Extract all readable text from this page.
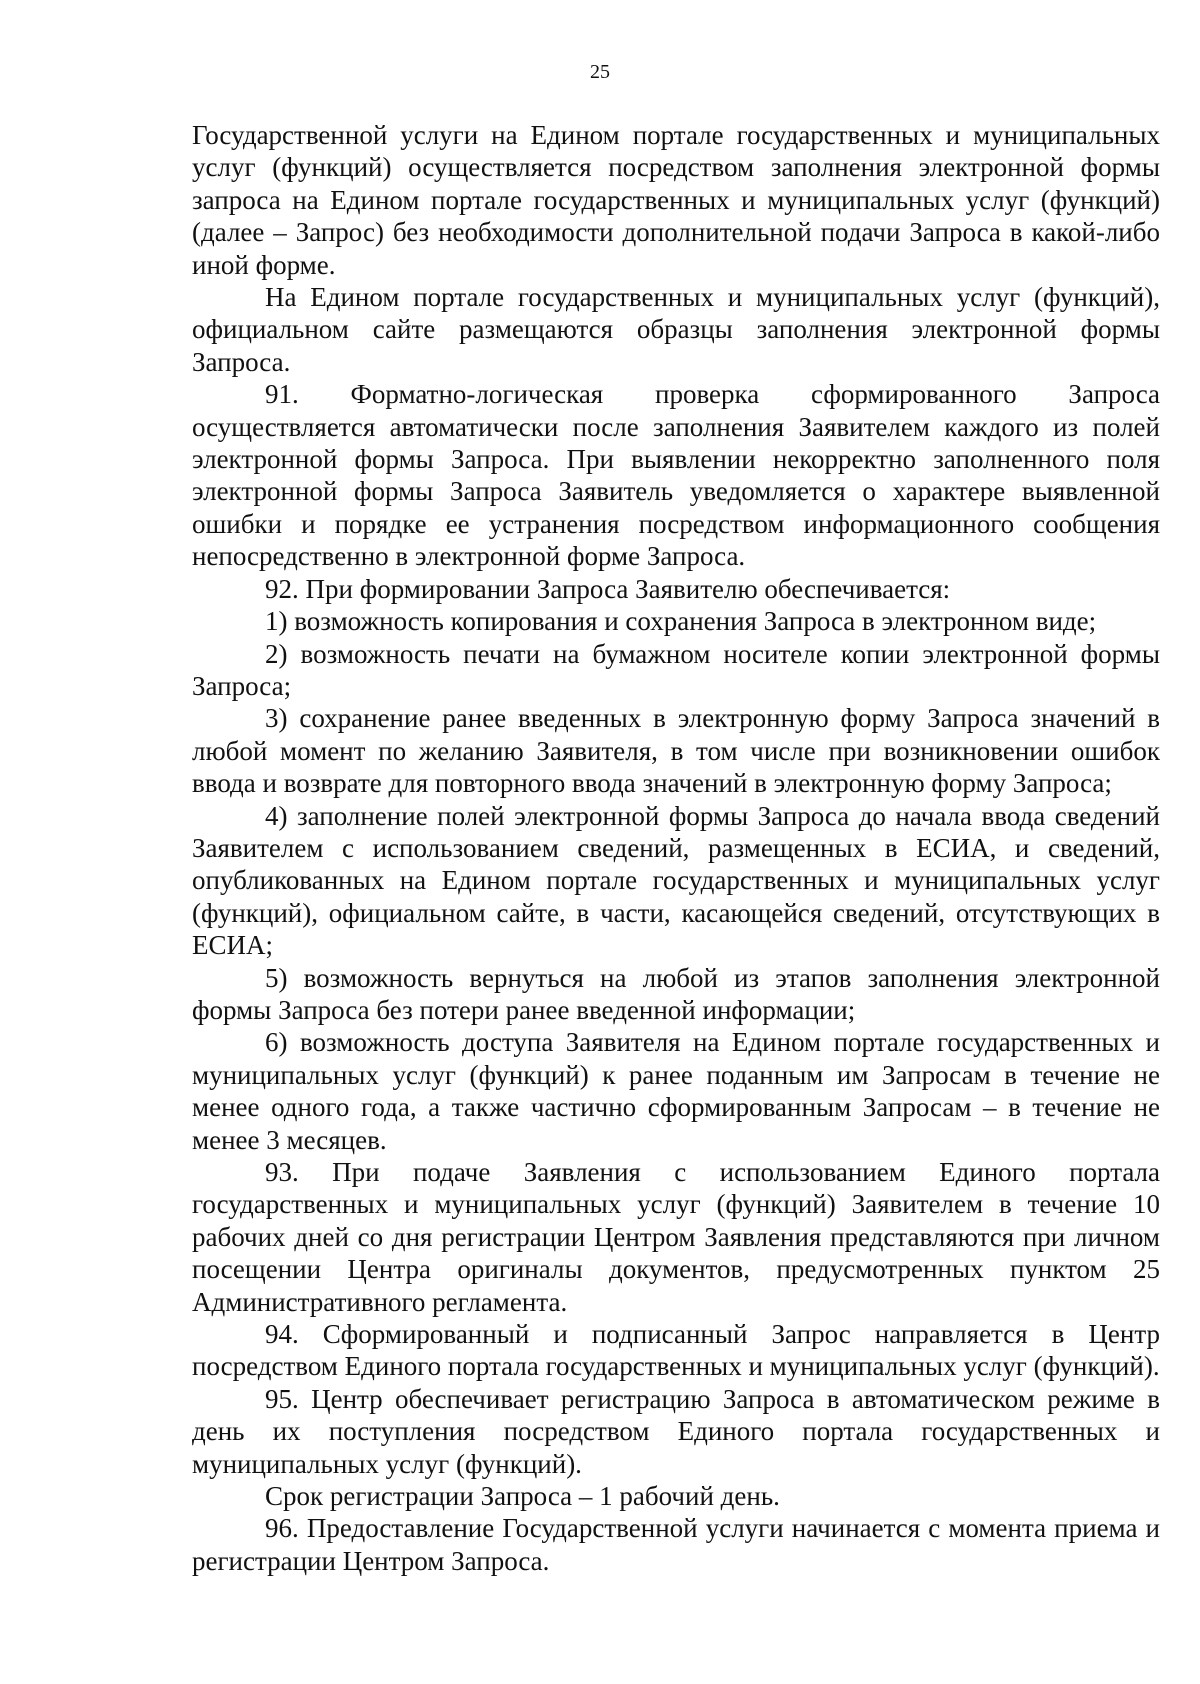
25

Государственной услуги на Едином портале государственных и муниципальных услуг (функций) осуществляется посредством заполнения электронной формы запроса на Едином портале государственных и муниципальных услуг (функций) (далее – Запрос) без необходимости дополнительной подачи Запроса в какой-либо иной форме.

На Едином портале государственных и муниципальных услуг (функций), официальном сайте размещаются образцы заполнения электронной формы Запроса.

91. Форматно-логическая проверка сформированного Запроса осуществляется автоматически после заполнения Заявителем каждого из полей электронной формы Запроса. При выявлении некорректно заполненного поля электронной формы Запроса Заявитель уведомляется о характере выявленной ошибки и порядке ее устранения посредством информационного сообщения непосредственно в электронной форме Запроса.

92. При формировании Запроса Заявителю обеспечивается:

1) возможность копирования и сохранения Запроса в электронном виде;

2) возможность печати на бумажном носителе копии электронной формы Запроса;

3) сохранение ранее введенных в электронную форму Запроса значений в любой момент по желанию Заявителя, в том числе при возникновении ошибок ввода и возврате для повторного ввода значений в электронную форму Запроса;

4) заполнение полей электронной формы Запроса до начала ввода сведений Заявителем с использованием сведений, размещенных в ЕСИА, и сведений, опубликованных на Едином портале государственных и муниципальных услуг (функций), официальном сайте, в части, касающейся сведений, отсутствующих в ЕСИА;

5) возможность вернуться на любой из этапов заполнения электронной формы Запроса без потери ранее введенной информации;

6) возможность доступа Заявителя на Едином портале государственных и муниципальных услуг (функций) к ранее поданным им Запросам в течение не менее одного года, а также частично сформированным Запросам – в течение не менее 3 месяцев.

93. При подаче Заявления с использованием Единого портала государственных и муниципальных услуг (функций) Заявителем в течение 10 рабочих дней со дня регистрации Центром Заявления представляются при личном посещении Центра оригиналы документов, предусмотренных пунктом 25 Административного регламента.

94. Сформированный и подписанный Запрос направляется в Центр посредством Единого портала государственных и муниципальных услуг (функций).

95. Центр обеспечивает регистрацию Запроса в автоматическом режиме в день их поступления посредством Единого портала государственных и муниципальных услуг (функций).

Срок регистрации Запроса – 1 рабочий день.

96. Предоставление Государственной услуги начинается с момента приема и регистрации Центром Запроса.
